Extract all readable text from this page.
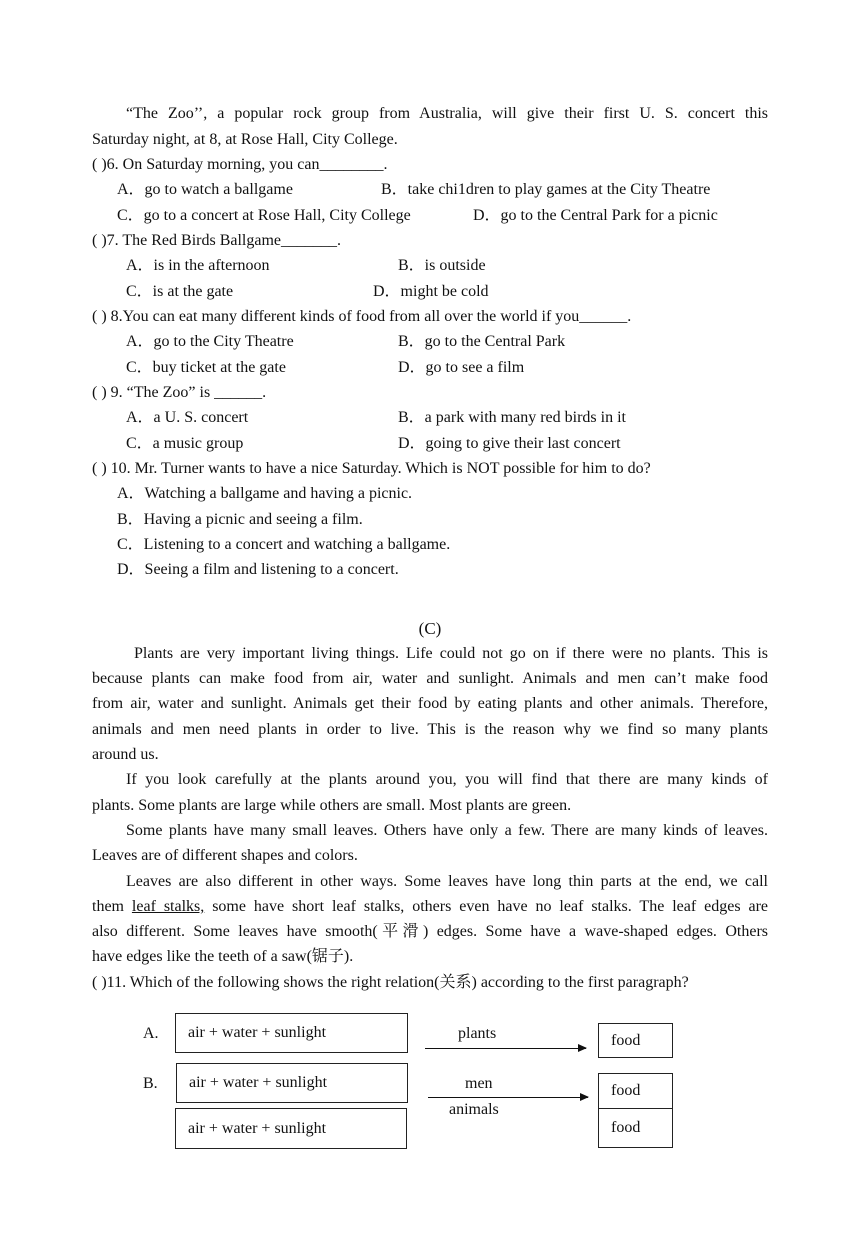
“The Zoo’’, a popular rock group from Australia, will give their first U. S. concert this
Saturday night, at 8, at Rose Hall, City College.
( )6. On Saturday morning, you can________.
A．go to watch a ballgame	B．take chi1dren to play games at the City Theatre
C．go to a concert at Rose Hall, City College	D．go to the Central Park for a picnic
( )7. The Red Birds Ballgame_______.
A．is in the afternoon	B．is outside
C．is at the gate	D．might be cold
( ) 8.You can eat many different kinds of food from all over the world if you______.
A．go to the City Theatre	B．go to the Central Park
C．buy ticket at the gate	D．go to see a film
( ) 9. “The Zoo” is ______.
A．a U. S. concert	B．a park with many red birds in it
C．a music group	D．going to give their last concert
( ) 10. Mr. Turner wants to have a nice Saturday. Which is NOT possible for him to do?
A．Watching a ballgame and having a picnic.
B．Having a picnic and seeing a film.
C．Listening to a concert and watching a ballgame.
D．Seeing a film and listening to a concert.
(C)
Plants are very important living things. Life could not go on if there were no plants. This is
because plants can make food from air, water and sunlight. Animals and men can’t make food
from air, water and sunlight. Animals get their food by eating plants and other animals. Therefore,
animals and men need plants in order to live. This is the reason why we find so many plants
around us.
If you look carefully at the plants around you, you will find that there are many kinds of
plants. Some plants are large while others are small. Most plants are green.
Some plants have many small leaves. Others have only a few. There are many kinds of leaves.
Leaves are of different shapes and colors.
Leaves are also different in other ways. Some leaves have long thin parts at the end, we call
them leaf stalks, some have short leaf stalks, others even have no leaf stalks. The leaf edges are
also different. Some leaves have smooth(平滑) edges. Some have a wave-shaped edges. Others
have edges like the teeth of a saw(锯子).
( )11. Which of the following shows the right relation(关系) according to the first paragraph?
A. air + water + sunlight	plants	food
B. air + water + sunlight
air + water + sunlight
men
animals
food
food
